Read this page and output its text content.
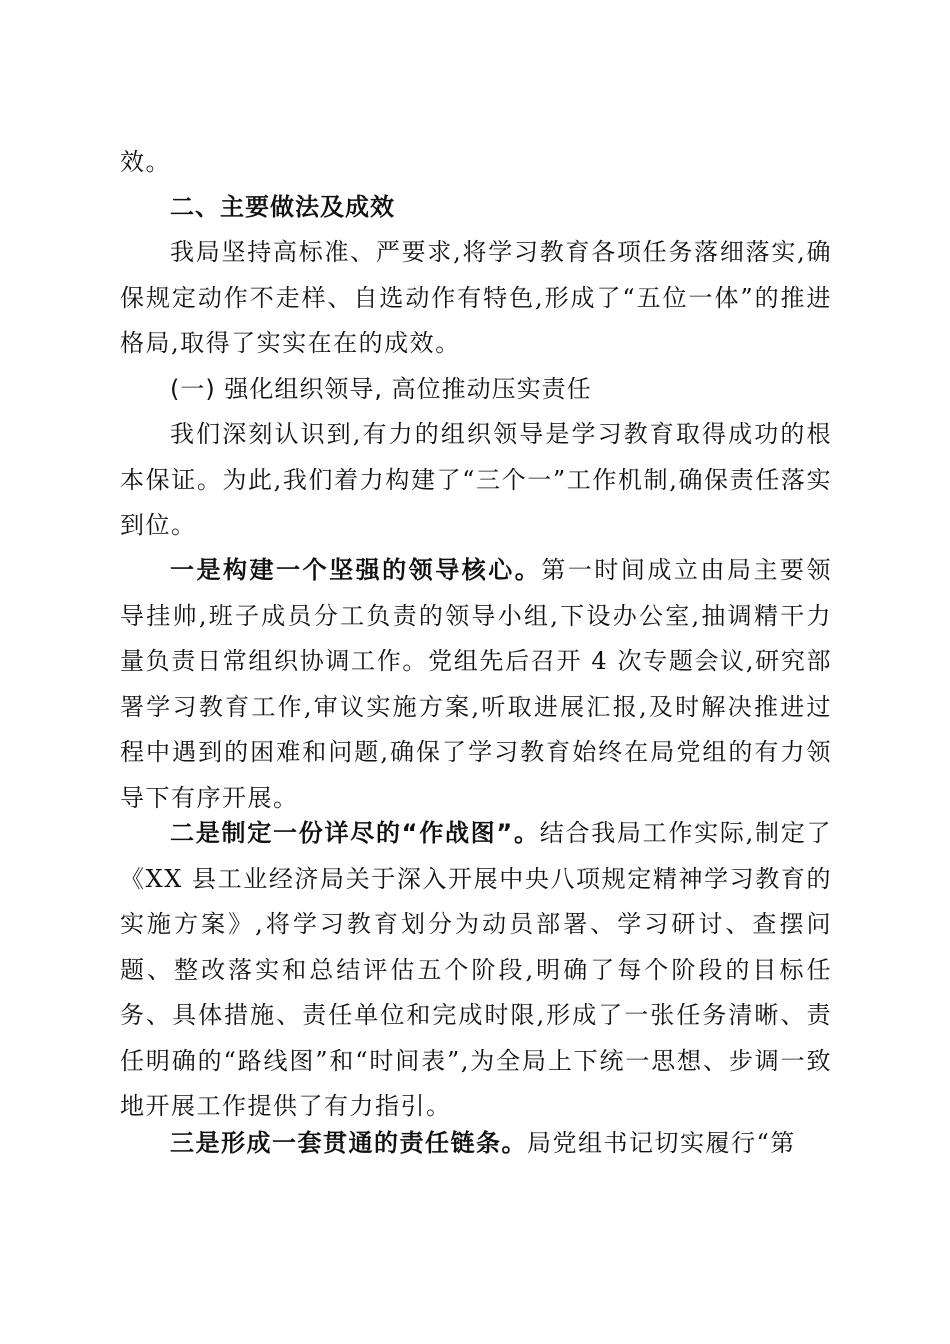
效。

二、主要做法及成效

我局坚持高标准、严要求,将学习教育各项任务落细落实,确保规定动作不走样、自选动作有特色,形成了“五位一体”的推进格局,取得了实实在在的成效。

(一) 强化组织领导, 高位推动压实责任

我们深刻认识到,有力的组织领导是学习教育取得成功的根本保证。为此,我们着力构建了“三个一”工作机制,确保责任落实到位。

一是构建一个坚强的领导核心。第一时间成立由局主要领导挂帅,班子成员分工负责的领导小组,下设办公室,抽调精干力量负责日常组织协调工作。党组先后召开 4 次专题会议,研究部署学习教育工作,审议实施方案,听取进展汇报,及时解决推进过程中遇到的困难和问题,确保了学习教育始终在局党组的有力领导下有序开展。

二是制定一份详尽的“作战图”。结合我局工作实际,制定了《XX 县工业经济局关于深入开展中央八项规定精神学习教育的实施方案》,将学习教育划分为动员部署、学习研讨、查摆问题、整改落实和总结评估五个阶段,明确了每个阶段的目标任务、具体措施、责任单位和完成时限,形成了一张任务清晰、责任明确的“路线图”和“时间表”,为全局上下统一思想、步调一致地开展工作提供了有力指引。

三是形成一套贯通的责任链条。局党组书记切实履行“第
